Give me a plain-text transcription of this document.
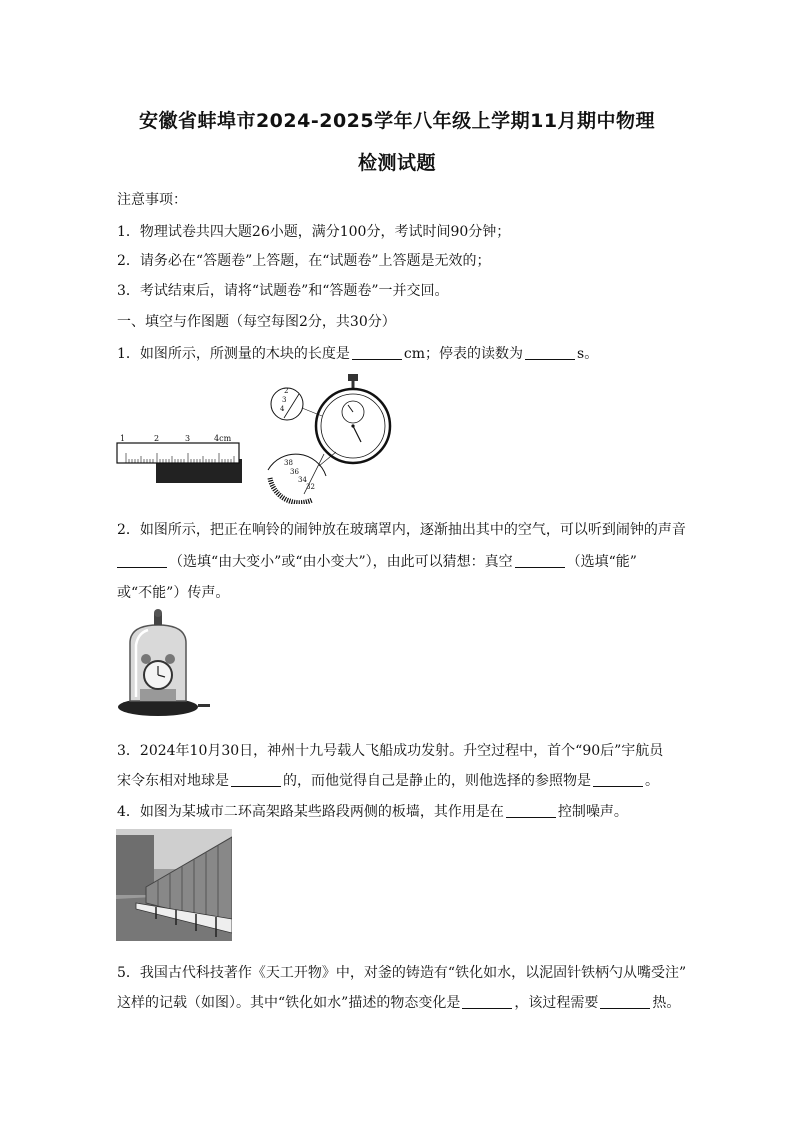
安徽省蚌埠市2024-2025学年八年级上学期11月期中物理
检测试题
注意事项：
1．物理试卷共四大题26小题，满分100分，考试时间90分钟；
2．请务必在“答题卷”上答题，在“试题卷”上答题是无效的；
3．考试结束后，请将“试题卷”和“答题卷”一并交回。
一、填空与作图题（每空每图2分，共30分）
1．如图所示，所测量的木块的长度是	cm；停表的读数为	s。
1	2	3	4cm
2
3
4
38
36
34
32
2．如图所示，把正在响铃的闹钟放在玻璃罩内，逐渐抽出其中的空气，可以听到闹钟的声音
（选填“由大变小”或“由小变大”），由此可以猜想：真空	（选填“能”
或“不能”）传声。
3．2024年10月30日，神州十九号载人飞船成功发射。升空过程中，首个“90后”宇航员
宋令东相对地球是	的，而他觉得自己是静止的，则他选择的参照物是	。
4．如图为某城市二环高架路某些路段两侧的板墙，其作用是在	控制噪声。
5．我国古代科技著作《天工开物》中，对釜的铸造有“铁化如水，以泥固针铁柄勺从嘴受注”
这样的记载（如图）。其中“铁化如水”描述的物态变化是	，该过程需要	热。
